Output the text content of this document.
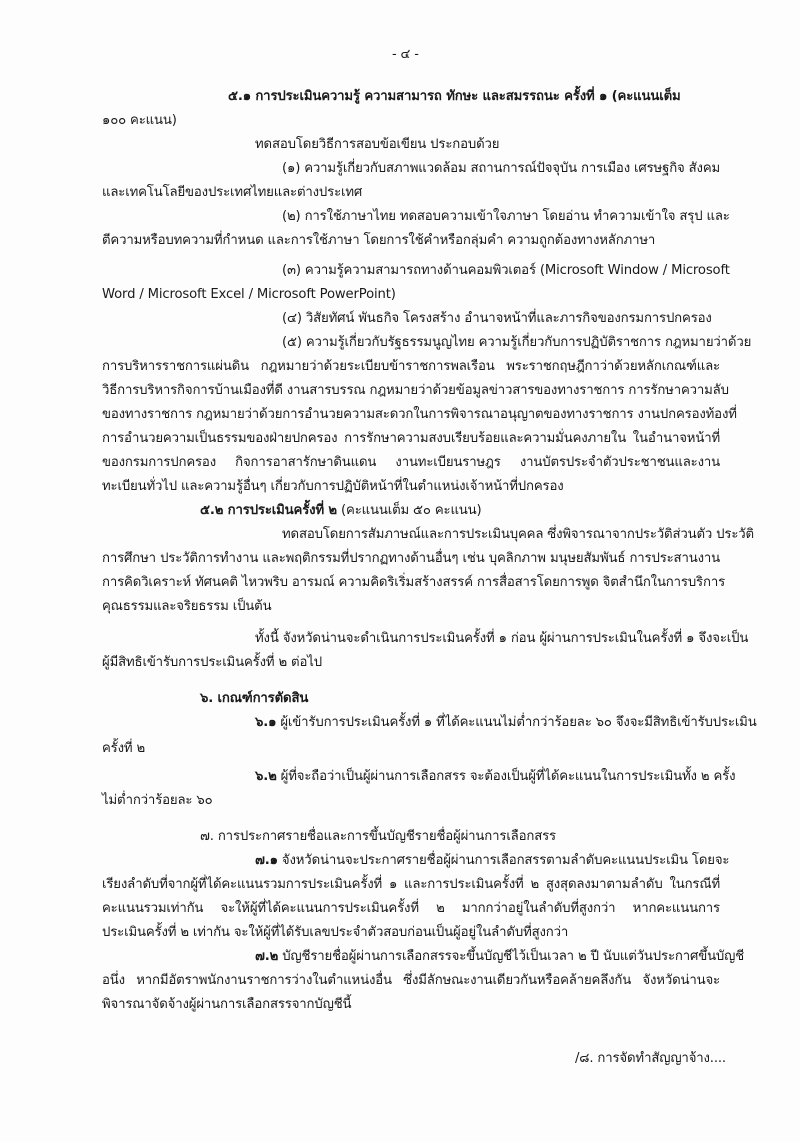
- ๔ -
๕.๑ การประเมินความรู้ ความสามารถ ทักษะ และสมรรถนะ ครั้งที่ ๑ (คะแนนเต็ม
๑๐๐ คะแนน)
ทดสอบโดยวิธีการสอบข้อเขียน ประกอบด้วย
(๑) ความรู้เกี่ยวกับสภาพแวดล้อม สถานการณ์ปัจจุบัน การเมือง เศรษฐกิจ สังคม
และเทคโนโลยีของประเทศไทยและต่างประเทศ
(๒) การใช้ภาษาไทย ทดสอบความเข้าใจภาษา โดยอ่าน ทำความเข้าใจ สรุป และ
ตีความหรือบทความที่กำหนด และการใช้ภาษา โดยการใช้คำหรือกลุ่มคำ ความถูกต้องทางหลักภาษา
(๓) ความรู้ความสามารถทางด้านคอมพิวเตอร์ (Microsoft Window / Microsoft
Word / Microsoft Excel / Microsoft PowerPoint)
(๔) วิสัยทัศน์ พันธกิจ โครงสร้าง อำนาจหน้าที่และภารกิจของกรมการปกครอง
(๕) ความรู้เกี่ยวกับรัฐธรรมนูญไทย ความรู้เกี่ยวกับการปฏิบัติราชการ กฎหมายว่าด้วย
การบริหารราชการแผ่นดิน กฎหมายว่าด้วยระเบียบข้าราชการพลเรือน พระราชกฤษฎีกาว่าด้วยหลักเกณฑ์และ
วิธีการบริหารกิจการบ้านเมืองที่ดี งานสารบรรณ กฎหมายว่าด้วยข้อมูลข่าวสารของทางราชการ การรักษาความลับ
ของทางราชการ กฎหมายว่าด้วยการอำนวยความสะดวกในการพิจารณาอนุญาตของทางราชการ งานปกครองท้องที่
การอำนวยความเป็นธรรมของฝ่ายปกครอง การรักษาความสงบเรียบร้อยและความมั่นคงภายใน ในอำนาจหน้าที่
ของกรมการปกครอง กิจการอาสารักษาดินแดน งานทะเบียนราษฎร งานบัตรประจำตัวประชาชนและงาน
ทะเบียนทั่วไป และความรู้อื่นๆ เกี่ยวกับการปฏิบัติหน้าที่ในตำแหน่งเจ้าหน้าที่ปกครอง
๕.๒ การประเมินครั้งที่ ๒ (คะแนนเต็ม ๕๐ คะแนน)
ทดสอบโดยการสัมภาษณ์และการประเมินบุคคล ซึ่งพิจารณาจากประวัติส่วนตัว ประวัติ
การศึกษา ประวัติการทำงาน และพฤติกรรมที่ปรากฏทางด้านอื่นๆ เช่น บุคลิกภาพ มนุษยสัมพันธ์ การประสานงาน
การคิดวิเคราะห์ ทัศนคติ ไหวพริบ อารมณ์ ความคิดริเริ่มสร้างสรรค์ การสื่อสารโดยการพูด จิตสำนึกในการบริการ
คุณธรรมและจริยธรรม เป็นต้น
ทั้งนี้ จังหวัดน่านจะดำเนินการประเมินครั้งที่ ๑ ก่อน ผู้ผ่านการประเมินในครั้งที่ ๑ จึงจะเป็น
ผู้มีสิทธิเข้ารับการประเมินครั้งที่ ๒ ต่อไป
๖. เกณฑ์การตัดสิน
๖.๑ ผู้เข้ารับการประเมินครั้งที่ ๑ ที่ได้คะแนนไม่ต่ำกว่าร้อยละ ๖๐ จึงจะมีสิทธิเข้ารับประเมิน
ครั้งที่ ๒
๖.๒ ผู้ที่จะถือว่าเป็นผู้ผ่านการเลือกสรร จะต้องเป็นผู้ที่ได้คะแนนในการประเมินทั้ง ๒ ครั้ง
ไม่ต่ำกว่าร้อยละ ๖๐
๗. การประกาศรายชื่อและการขึ้นบัญชีรายชื่อผู้ผ่านการเลือกสรร
๗.๑ จังหวัดน่านจะประกาศรายชื่อผู้ผ่านการเลือกสรรตามลำดับคะแนนประเมิน โดยจะ
เรียงลำดับที่จากผู้ที่ได้คะแนนรวมการประเมินครั้งที่ ๑ และการประเมินครั้งที่ ๒ สูงสุดลงมาตามลำดับ ในกรณีที่
คะแนนรวมเท่ากัน จะให้ผู้ที่ได้คะแนนการประเมินครั้งที่ ๒ มากกว่าอยู่ในลำดับที่สูงกว่า หากคะแนนการ
ประเมินครั้งที่ ๒ เท่ากัน จะให้ผู้ที่ได้รับเลขประจำตัวสอบก่อนเป็นผู้อยู่ในลำดับที่สูงกว่า
๗.๒ บัญชีรายชื่อผู้ผ่านการเลือกสรรจะขึ้นบัญชีไว้เป็นเวลา ๒ ปี นับแต่วันประกาศขึ้นบัญชี
อนึ่ง หากมีอัตราพนักงานราชการว่างในตำแหน่งอื่น ซึ่งมีลักษณะงานเดียวกันหรือคล้ายคลึงกัน จังหวัดน่านจะ
พิจารณาจัดจ้างผู้ผ่านการเลือกสรรจากบัญชีนี้
/๘. การจัดทำสัญญาจ้าง....
